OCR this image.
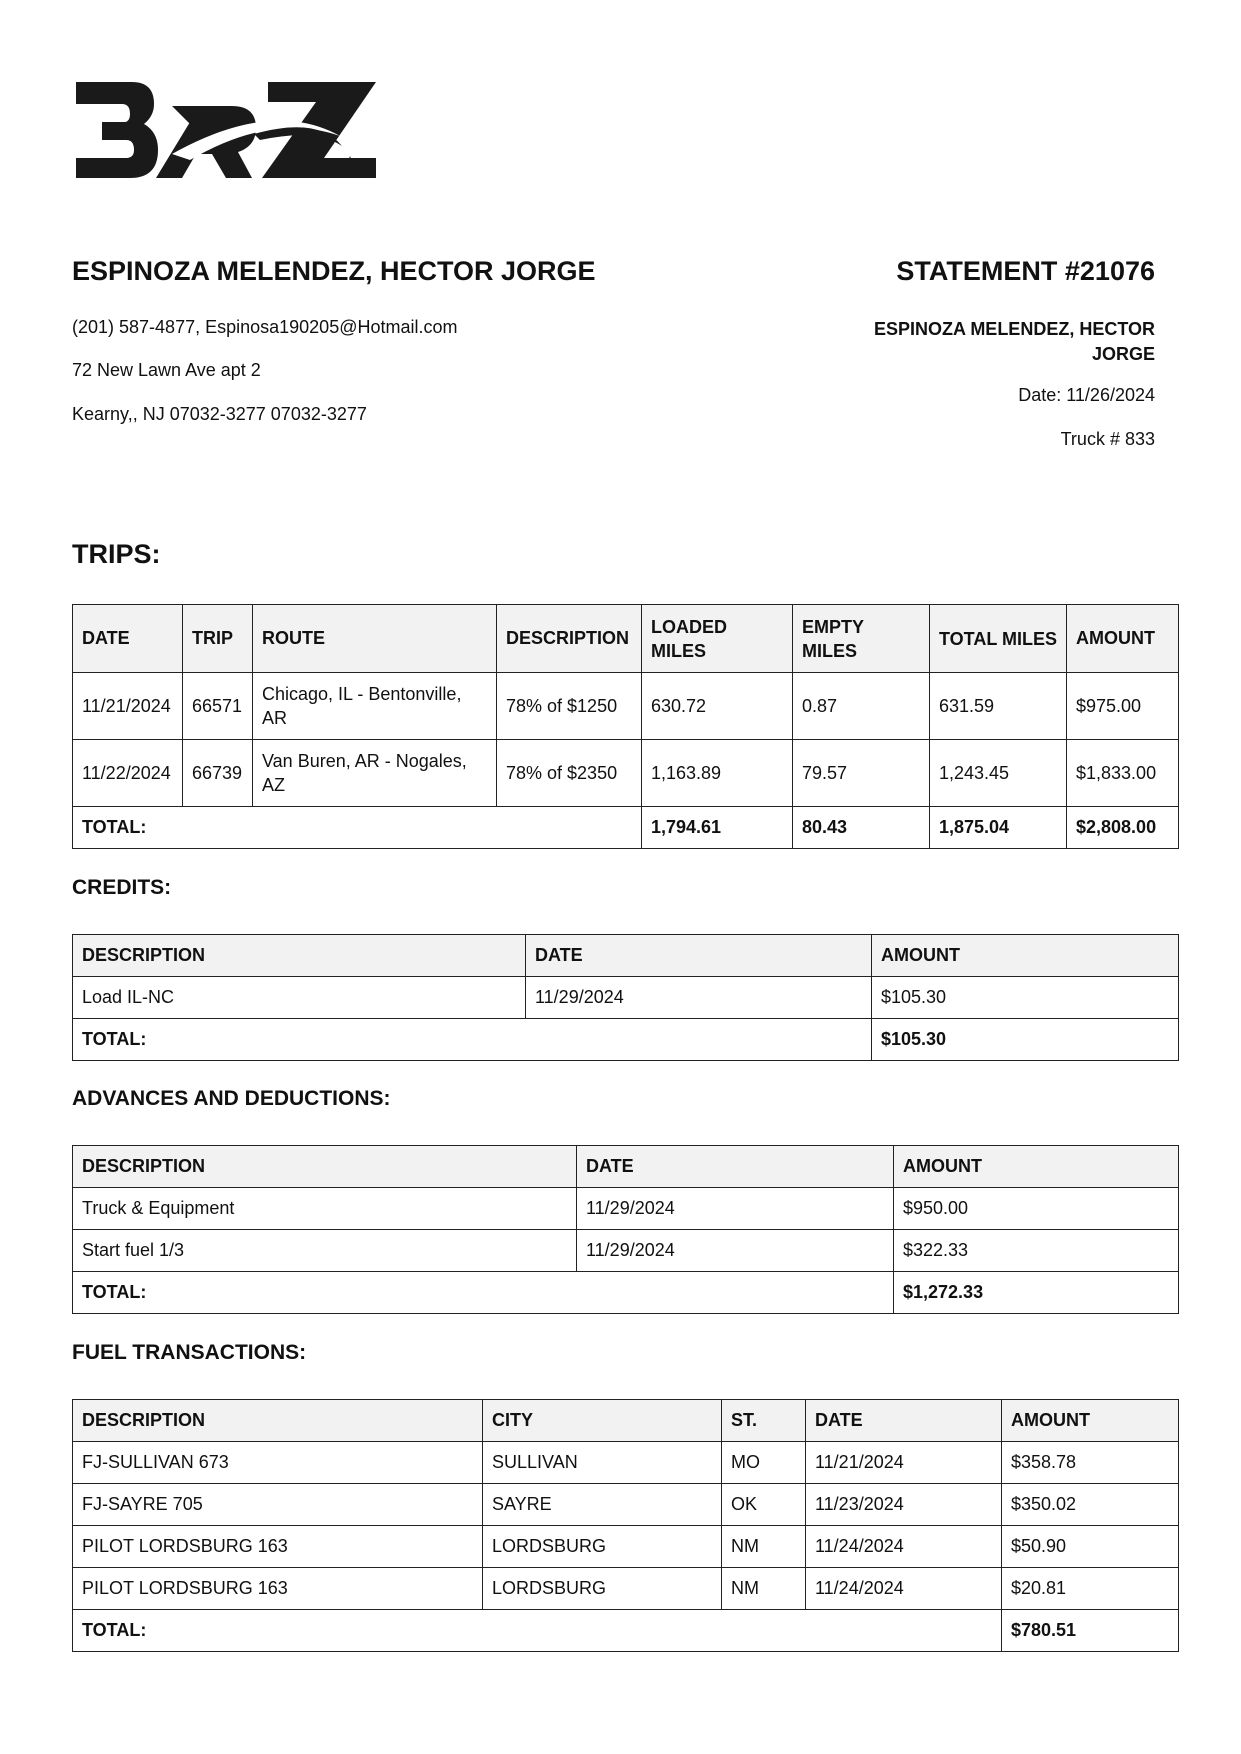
ESPINOZA MELENDEZ, HECTOR JORGE	STATEMENT #21076
(201) 587-4877, Espinosa190205@Hotmail.com
72 New Lawn Ave apt 2
Kearny,, NJ 07032-3277 07032-3277
ESPINOZA MELENDEZ, HECTOR JORGE
Date: 11/26/2024
Truck # 833
TRIPS:
DATE	TRIP	ROUTE	DESCRIPTION	LOADED MILES	EMPTY MILES	TOTAL MILES	AMOUNT
11/21/2024	66571	Chicago, IL - Bentonville, AR	78% of $1250	630.72	0.87	631.59	$975.00
11/22/2024	66739	Van Buren, AR - Nogales, AZ	78% of $2350	1,163.89	79.57	1,243.45	$1,833.00
TOTAL:				1,794.61	80.43	1,875.04	$2,808.00
CREDITS:
DESCRIPTION	DATE	AMOUNT
Load IL-NC	11/29/2024	$105.30
TOTAL:		$105.30
ADVANCES AND DEDUCTIONS:
DESCRIPTION	DATE	AMOUNT
Truck & Equipment	11/29/2024	$950.00
Start fuel 1/3	11/29/2024	$322.33
TOTAL:		$1,272.33
FUEL TRANSACTIONS:
DESCRIPTION	CITY	ST.	DATE	AMOUNT
FJ-SULLIVAN 673	SULLIVAN	MO	11/21/2024	$358.78
FJ-SAYRE 705	SAYRE	OK	11/23/2024	$350.02
PILOT LORDSBURG 163	LORDSBURG	NM	11/24/2024	$50.90
PILOT LORDSBURG 163	LORDSBURG	NM	11/24/2024	$20.81
TOTAL:				$780.51
